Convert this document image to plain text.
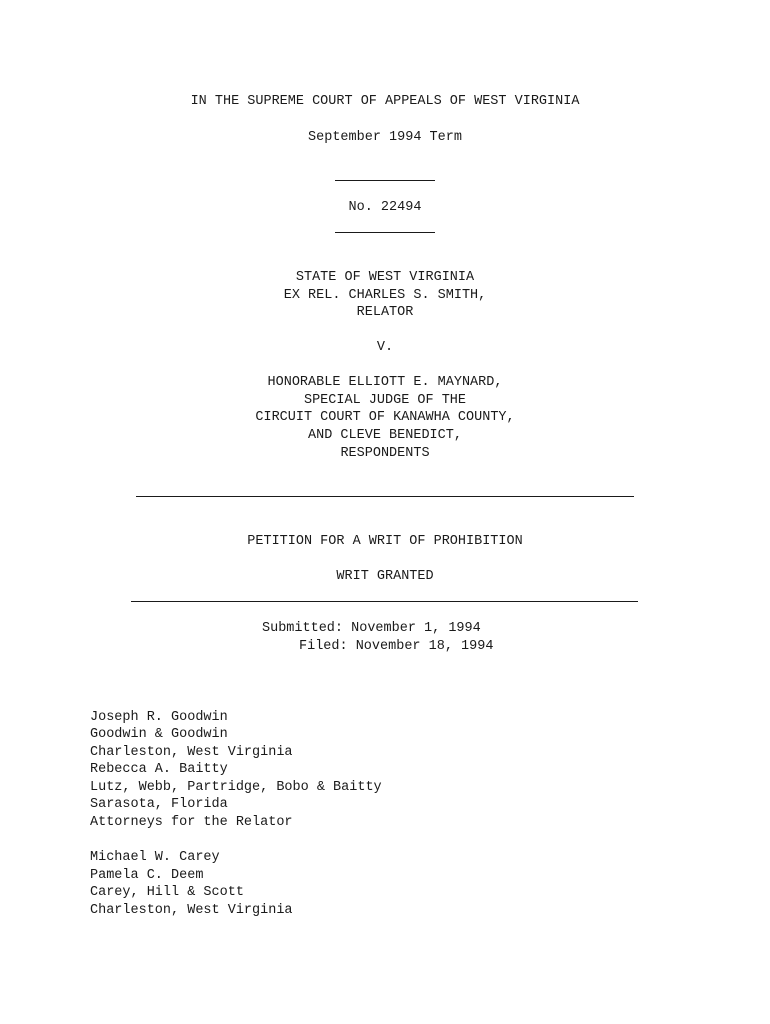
IN THE SUPREME COURT OF APPEALS OF WEST VIRGINIA
September 1994 Term
No. 22494
STATE OF WEST VIRGINIA
EX REL. CHARLES S. SMITH,
RELATOR
V.
HONORABLE ELLIOTT E. MAYNARD,
SPECIAL JUDGE OF THE
CIRCUIT COURT OF KANAWHA COUNTY,
AND CLEVE BENEDICT,
RESPONDENTS
PETITION FOR A WRIT OF PROHIBITION
WRIT GRANTED
Submitted: November 1, 1994
Filed: November 18, 1994
Joseph R. Goodwin
Goodwin & Goodwin
Charleston, West Virginia
Rebecca A. Baitty
Lutz, Webb, Partridge, Bobo & Baitty
Sarasota, Florida
Attorneys for the Relator
Michael W. Carey
Pamela C. Deem
Carey, Hill & Scott
Charleston, West Virginia
